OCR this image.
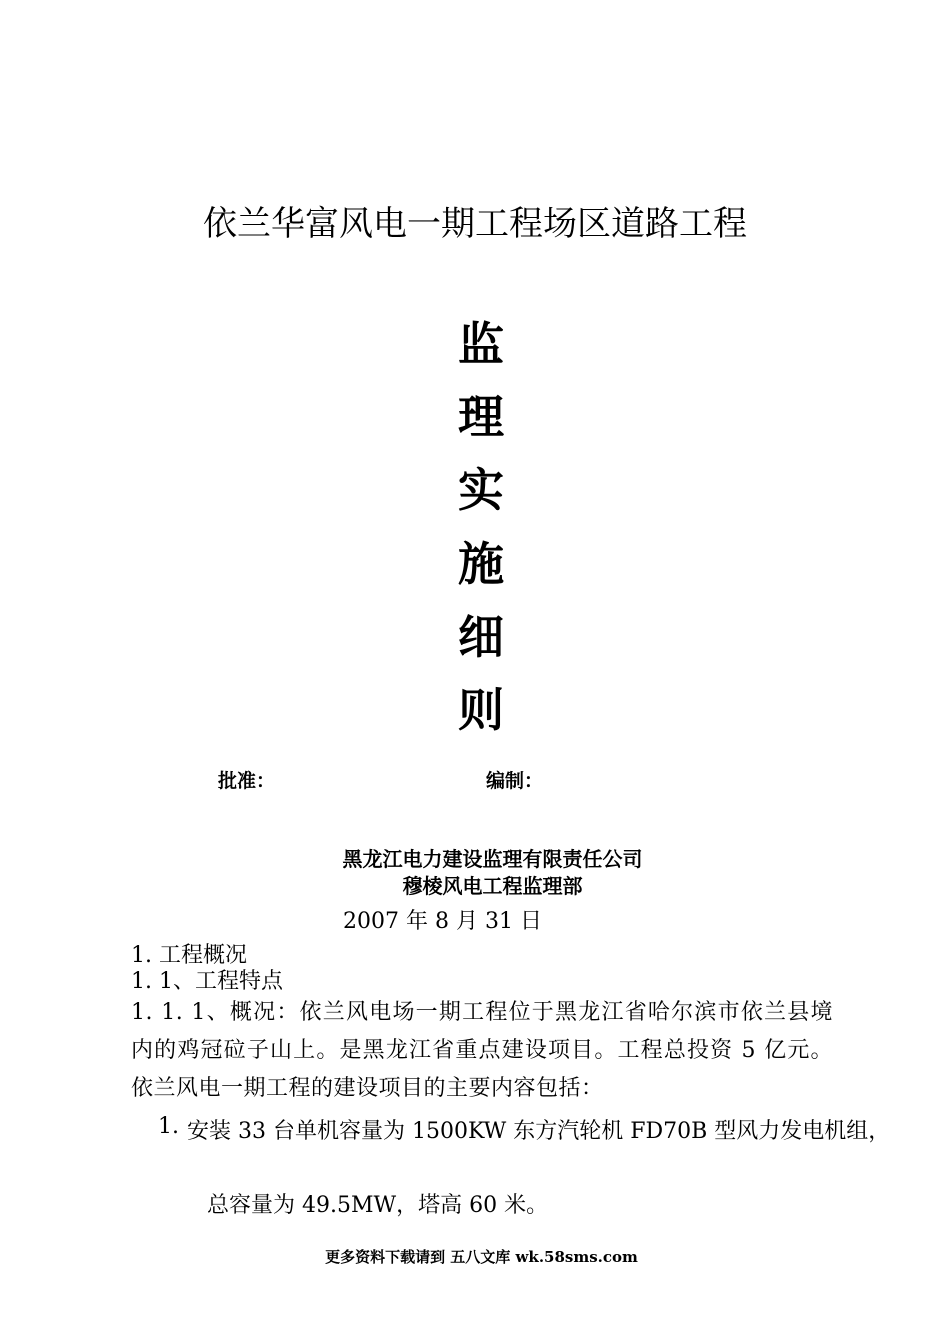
依兰华富风电一期工程场区道路工程
监
理
实
施
细
则
批准：	编制：
黑龙江电力建设监理有限责任公司
穆棱风电工程监理部
2007 年 8 月 31 日
1. 工程概况
1. 1、工程特点
1. 1. 1、概况：依兰风电场一期工程位于黑龙江省哈尔滨市依兰县境内的鸡冠砬子山上。是黑龙江省重点建设项目。工程总投资 5 亿元。依兰风电一期工程的建设项目的主要内容包括：
1. 安装 33 台单机容量为 1500KW 东方汽轮机 FD70B 型风力发电机组，
总容量为 49.5MW，塔高 60 米。
更多资料下载请到 五八文库 wk.58sms.com
